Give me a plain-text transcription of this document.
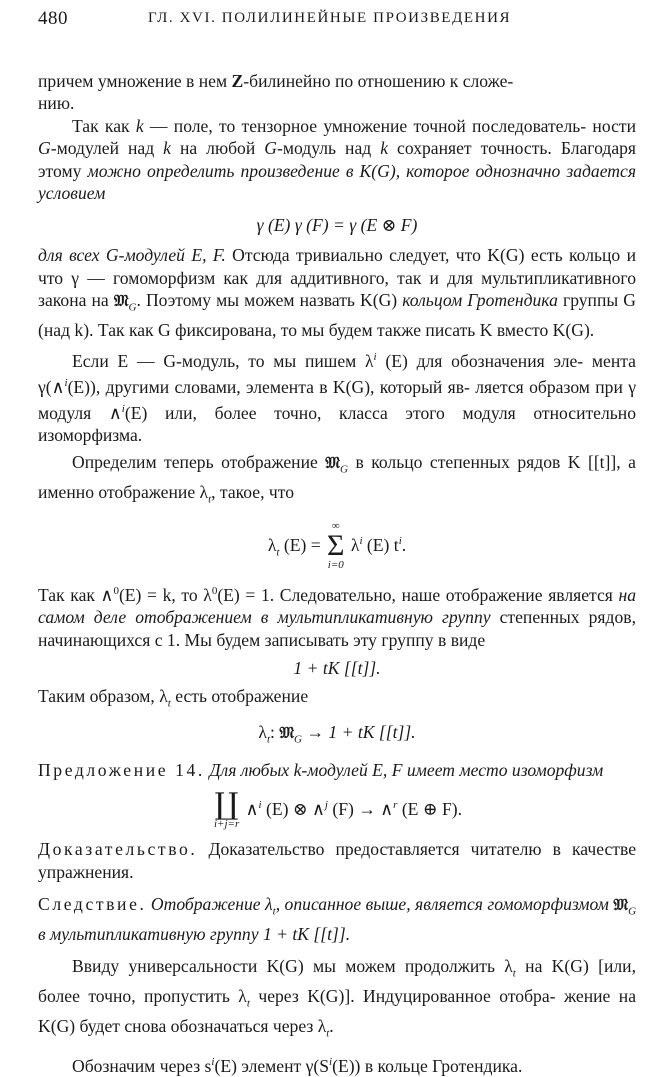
480	ГЛ. XVI. ПОЛИЛИНЕЙНЫЕ ПРОИЗВЕДЕНИЯ

причем умножение в нем Z-билинейно по отношению к сложе-
нию.

Так как k — поле, то тензорное умножение точной последователь- ности G-модулей над k на любой G-модуль над k сохраняет точность. Благодаря этому можно определить произведение в K(G), которое однозначно задается условием

γ (E) γ (F) = γ (E ⊗ F)

для всех G-модулей E, F. Отсюда тривиально следует, что K(G) есть кольцо и что γ — гомоморфизм как для аддитивного, так и для мультипликативного закона на 𝔐$_G$. Поэтому мы можем назвать K(G) кольцом Гротендика группы G (над k). Так как G фиксирована, то мы будем также писать K вместо K(G).

Если E — G-модуль, то мы пишем $\lambda^i$ (E) для обозначения эле- мента γ(∧$^i$(E)), другими словами, элемента в K(G), который яв- ляется образом при γ модуля ∧$^i$(E) или, более точно, класса этого модуля относительно изоморфизма.

Определим теперь отображение 𝔐$_G$ в кольцо степенных рядов K [[t]], а именно отображение $\lambda_t$, такое, что

$\lambda_t$ (E) =
∞
Σ
i=0
$\lambda^i$ (E) $t^i$.

Так как ∧$^0$(E) = k, то $\lambda^0(E) = 1$. Следовательно, наше отображение является на самом деле отображением в мультипликативную группу степенных рядов, начинающихся с 1. Мы будем записывать эту группу в виде

1 + tK [[t]].

Таким образом, $\lambda_t$ есть отображение

$\lambda_t$: 𝔐$_G$ → 1 + tK [[t]].

Предложение 14. Для любых k-модулей E, F имеет место изоморфизм

∐
i+j=r
∧$^i$ (E) ⊗ ∧$^j$ (F) → ∧$^r$ (E ⊕ F).

Доказательство. Доказательство предоставляется читателю в качестве упражнения.

Следствие. Отображение $\lambda_t$, описанное выше, является гомоморфизмом 𝔐$_G$ в мультипликативную группу 1 + tK [[t]].

Ввиду универсальности K(G) мы можем продолжить $\lambda_t$ на K(G) [или, более точно, пропустить $\lambda_t$ через K(G)]. Индуцированное отобра- жение на K(G) будет снова обозначаться через $\lambda_t$.

Обозначим через $s^i(E)$ элемент $\gamma(S^i(E))$ в кольце Гротендика.
